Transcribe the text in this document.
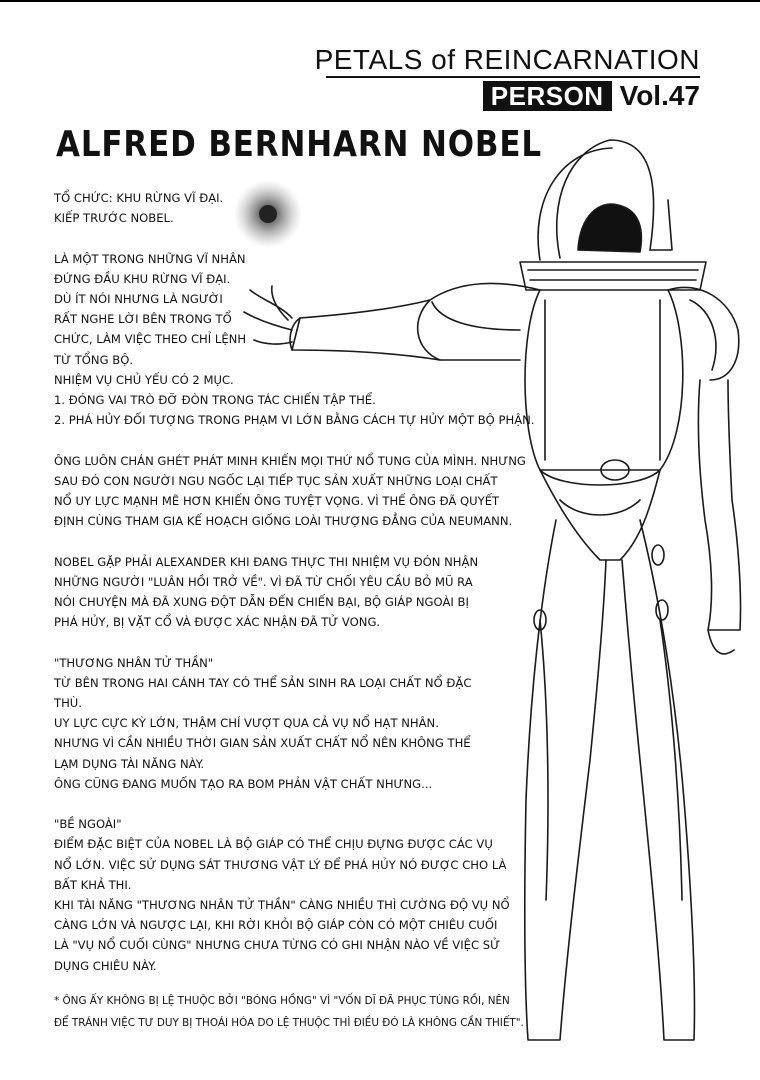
PETALS of REINCARNATION
PERSON Vol.47
ALFRED BERNHARN NOBEL

TỔ CHỨC: KHU RỪNG VĨ ĐẠI.
KIẾP TRƯỚC NOBEL.

LÀ MỘT TRONG NHỮNG VĨ NHÂN
ĐỨNG ĐẦU KHU RỪNG VĨ ĐẠI.
DÙ ÍT NÓI NHƯNG LÀ NGƯỜI
RẤT NGHE LỜI BÊN TRONG TỔ
CHỨC, LÀM VIỆC THEO CHỈ LỆNH
TỪ TỔNG BỘ.
NHIỆM VỤ CHỦ YẾU CÓ 2 MỤC.
1. ĐÓNG VAI TRÒ ĐỠ ĐÒN TRONG TÁC CHIẾN TẬP THỂ.
2. PHÁ HỦY ĐỐI TƯỢNG TRONG PHẠM VI LỚN BẰNG CÁCH TỰ HỦY MỘT BỘ PHẬN.

ÔNG LUÔN CHÁN GHÉT PHÁT MINH KHIẾN MỌI THỨ NỔ TUNG CỦA MÌNH. NHƯNG
SAU ĐÓ CON NGƯỜI NGU NGỐC LẠI TIẾP TỤC SẢN XUẤT NHỮNG LOẠI CHẤT
NỔ UY LỰC MẠNH MẼ HƠN KHIẾN ÔNG TUYỆT VỌNG. VÌ THẾ ÔNG ĐÃ QUYẾT
ĐỊNH CÙNG THAM GIA KẾ HOẠCH GIỐNG LOÀI THƯỢNG ĐẲNG CỦA NEUMANN.

NOBEL GẶP PHẢI ALEXANDER KHI ĐANG THỰC THI NHIỆM VỤ ĐÓN NHẬN
NHỮNG NGƯỜI "LUÂN HỒI TRỞ VỀ". VÌ ĐÃ TỪ CHỐI YÊU CẦU BỎ MŨ RA
NÓI CHUYỆN MÀ ĐÃ XUNG ĐỘT DẪN ĐẾN CHIẾN BẠI, BỘ GIÁP NGOÀI BỊ
PHÁ HỦY, BỊ VẶT CỔ VÀ ĐƯỢC XÁC NHẬN ĐÃ TỬ VONG.

"THƯƠNG NHÂN TỬ THẦN"
TỪ BÊN TRONG HAI CÁNH TAY CÓ THỂ SẢN SINH RA LOẠI CHẤT NỔ ĐẶC
THÙ.
UY LỰC CỰC KỲ LỚN, THẬM CHÍ VƯỢT QUA CẢ VỤ NỔ HẠT NHÂN.
NHƯNG VÌ CẦN NHIỀU THỜI GIAN SẢN XUẤT CHẤT NỔ NÊN KHÔNG THỂ
LẠM DỤNG TÀI NĂNG NÀY.
ÔNG CŨNG ĐANG MUỐN TẠO RA BOM PHẢN VẬT CHẤT NHƯNG...

"BỀ NGOÀI"
ĐIỂM ĐẶC BIỆT CỦA NOBEL LÀ BỘ GIÁP CÓ THỂ CHỊU ĐỰNG ĐƯỢC CÁC VỤ
NỔ LỚN. VIỆC SỬ DỤNG SÁT THƯƠNG VẬT LÝ ĐỂ PHÁ HỦY NÓ ĐƯỢC CHO LÀ
BẤT KHẢ THI.
KHI TÀI NĂNG "THƯƠNG NHÂN TỬ THẦN" CÀNG NHIỀU THÌ CƯỜNG ĐỘ VỤ NỔ
CÀNG LỚN VÀ NGƯỢC LẠI, KHI RỜI KHỎI BỘ GIÁP CÒN CÓ MỘT CHIÊU CUỐI
LÀ "VỤ NỔ CUỐI CÙNG" NHƯNG CHƯA TỪNG CÓ GHI NHẬN NÀO VỀ VIỆC SỬ
DỤNG CHIÊU NÀY.

* ÔNG ẤY KHÔNG BỊ LỆ THUỘC BỞI "BÓNG HỒNG" VÌ "VỐN DĨ ĐÃ PHỤC TÙNG RỒI, NÊN
ĐỂ TRÁNH VIỆC TƯ DUY BỊ THOÁI HÓA DO LỆ THUỘC THÌ ĐIỀU ĐÓ LÀ KHÔNG CẦN THIẾT".
